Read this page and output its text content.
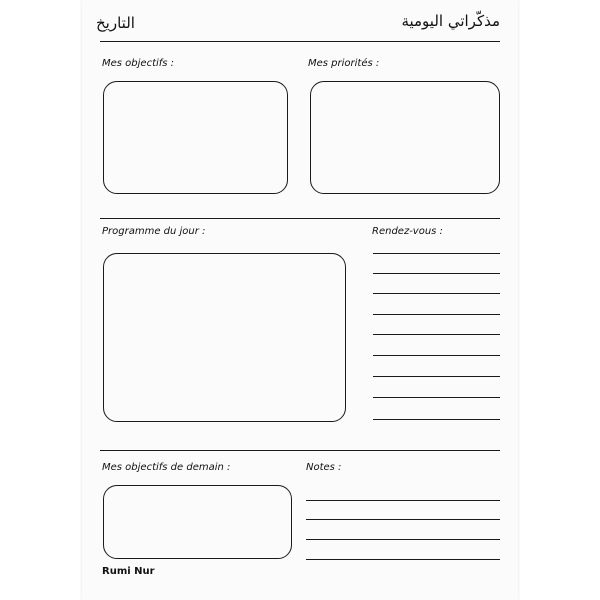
التاريخ	مذكّراتي اليومية
Mes objectifs :	Mes priorités :
Programme du jour :	Rendez-vous :
Mes objectifs de demain :	Notes :
Rumi Nur
